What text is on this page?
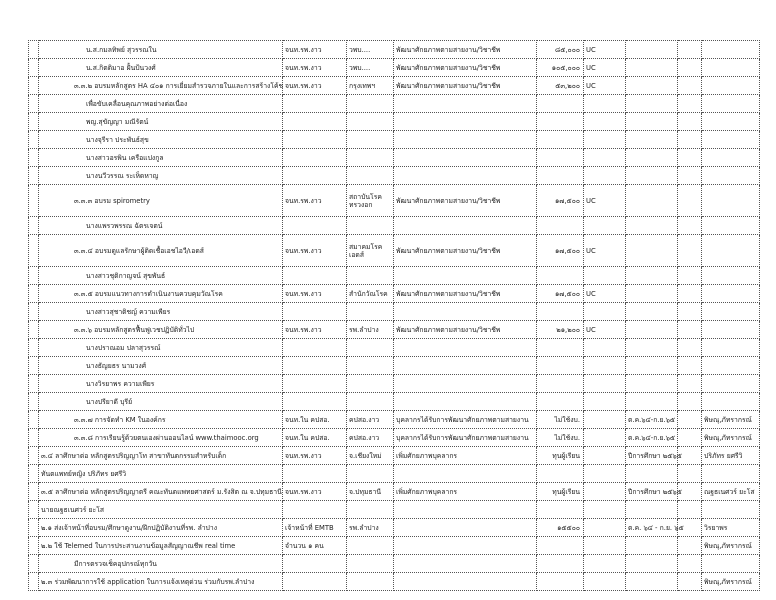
	น.ส.กมลทิพย์ สุวรรณใน	จนท.รพ.งาว	วพบ....	พัฒนาศักยภาพตามสายงาน/วิชาชีพ	๘๕,๐๐๐	UC			
	น.ส.กิตติมาอ ฝั้นป้นวงศ์	จนท.รพ.งาว	วพบ....	พัฒนาศักยภาพตามสายงาน/วิชาชีพ	๑๐๕,๐๐๐	UC			
	๓.๓.๒ อบรมหลักสูตร HA ๔๐๑ การเยี่ยมสำรวจภายในและการสร้างโค้ช	จนท.รพ.งาว	กรุงเทพฯ	พัฒนาศักยภาพตามสายงาน/วิชาชีพ	๕๓,๒๐๐	UC			
	เพื่อขับเคลื่อนคุณภาพอย่างต่อเนื่อง								
	พญ.สุขัญญา มณีรัตน์								
	นางจุรีรา ประพันธ์สุข								
	นางสาวอรพิน เครือแปงกูล								
	นางนวีวรรณ ระเห็ดหาญ								
	๓.๓.๓ อบรม spirometry	จนท.รพ.งาว	สถาบันโรคทรวงอก	พัฒนาศักยภาพตามสายงาน/วิชาชีพ	๑๗,๕๐๐	UC			
	นางแพรวพรรณ ฉัตรเจตน์								
	๓.๓.๔ อบรมดูแลรักษาผู้ติดเชื้อเอชไอวี/เอดส์	จนท.รพ.งาว	สมาคมโรคเอดส์	พัฒนาศักยภาพตามสายงาน/วิชาชีพ	๑๗,๕๐๐	UC			
	นางสาวชุติกาญจน์ สุขพันธ์								
	๓.๓.๕ อบรมแนวทางการดำเนินงานควบคุมวัณโรค	จนท.รพ.งาว	สำนักวัณโรค	พัฒนาศักยภาพตามสายงาน/วิชาชีพ	๑๗,๕๐๐	UC			
	นางสาวสุชาติชญ์ ความเพียร								
	๓.๓.๖ อบรมหลักสูตรฟื้นฟูเวชปฏิบัติทั่วไป	จนท.รพ.งาว	รพ.ลำปาง	พัฒนาศักยภาพตามสายงาน/วิชาชีพ	๒๑,๒๐๐	UC			
	นางปราณอม ปลาสุวรรณ์								
	นางธัญยธร นามวงศ์								
	นางวิรยาพร ความเพียร								
	นางปรียาดี บุรีย์								
	๓.๓.๗ การจัดทำ KM ในองค์กร	จนท.ใน คปสอ.	คปสอ.งาว	บุคลากรได้รับการพัฒนาศักยภาพตามสายงาน	ไม่ใช้งบ.		ต.ค.๖๔-ก.ย.๖๕		พิษณุ,ภัทรากรณ์
	๓.๓.๘ การเรียนรู้ด้วยตนเองผ่านออนไลน์ www.thaimooc.org	จนท.ใน คปสอ.	คปสอ.งาว	บุคลากรได้รับการพัฒนาศักยภาพตามสายงาน	ไม่ใช้งบ.		ต.ค.๖๔-ก.ย.๖๕		พิษณุ,ภัทรากรณ์
	๓.๔ ลาศึกษาต่อ หลักสูตรปริญญาโท สาขาทันตกรรมสำหรับเด็ก	จนท.รพ.งาว	จ.เชียงใหม่	เพิ่มศักยภาพบุคลากร	ทุนผู้เรียน		ปีการศึกษา ๒๕๖๕		ปริภัทร ยศรีวิ
	ทันตแพทย์หญิง ปริภัทร ยศรีวิ								
	๓.๕ ลาศึกษาต่อ หลักสูตรปริญญาตรี คณะทันตแพทยศาสตร์ ม.รังสิต ณ จ.ปทุมธานี	จนท.รพ.งาว	จ.ปทุมธานี	เพิ่มศักยภาพบุคลากร	ทุนผู้เรียน		ปีการศึกษา ๒๕๖๕		ณฐธเนศวร์ ยะโส
	นายณฐธเนศวร์ ยะโส								
	๒.๑ ส่งเจ้าหน้าที่อบรม/ศึกษาดูงาน/ฝึกปฏิบัติงานที่รพ. ลำปาง	เจ้าหน้าที่ EMTB	รพ.ลำปาง		๑๕๕๐๐		ต.ค. ๖๔ - ก.ย. ๖๕		วิรยาพร
	๒.๒ ใช้ Telemed ในการประสานงานข้อมูลสัญญาณชีพ real time	จำนวน ๑ คน							พิษณุ,ภัทรากรณ์
	มีการตรวจเช็คอุปกรณ์ทุกวัน								
	๒.๓ ร่วมพัฒนาการใช้ application ในการแจ้งเหตุด่วน ร่วมกับรพ.ลำปาง								พิษณุ,ภัทรากรณ์
